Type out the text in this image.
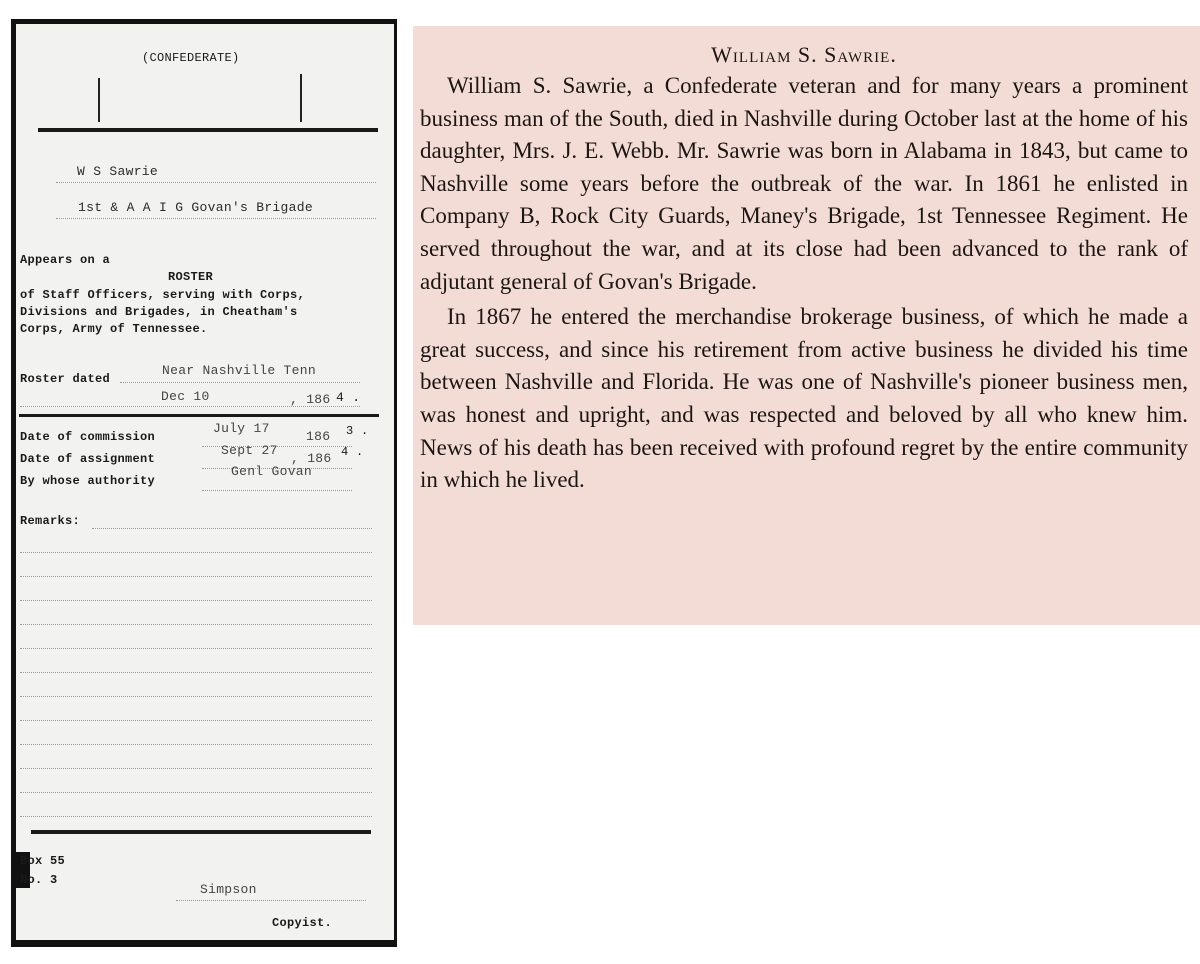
(CONFEDERATE)
W S Sawrie
1st & A A I G Govan's Brigade
Appears on a
ROSTER
of Staff Officers, serving with Corps,
Divisions and Brigades, in Cheatham's
Corps, Army of Tennessee.
Roster dated
Near Nashville Tenn
Dec 10	, 186 4 .
Date of commission
July 17
186 3 .
Date of assignment
Sept 27
, 186 4 .
By whose authority
Genl Govan
Remarks:
Box 55
No. 3
Simpson
Copyist.
William S. Sawrie.

William S. Sawrie, a Confederate veteran and for many years a prominent business man of the South, died in Nashville during October last at the home of his daughter, Mrs. J. E. Webb. Mr. Sawrie was born in Alabama in 1843, but came to Nashville some years before the outbreak of the war. In 1861 he enlisted in Company B, Rock City Guards, Maney's Brigade, 1st Tennessee Regiment. He served throughout the war, and at its close had been advanced to the rank of adjutant general of Govan's Brigade.

In 1867 he entered the merchandise brokerage business, of which he made a great success, and since his retirement from active business he divided his time between Nashville and Florida. He was one of Nashville's pioneer business men, was honest and upright, and was respected and beloved by all who knew him. News of his death has been received with profound regret by the entire community in which he lived.
